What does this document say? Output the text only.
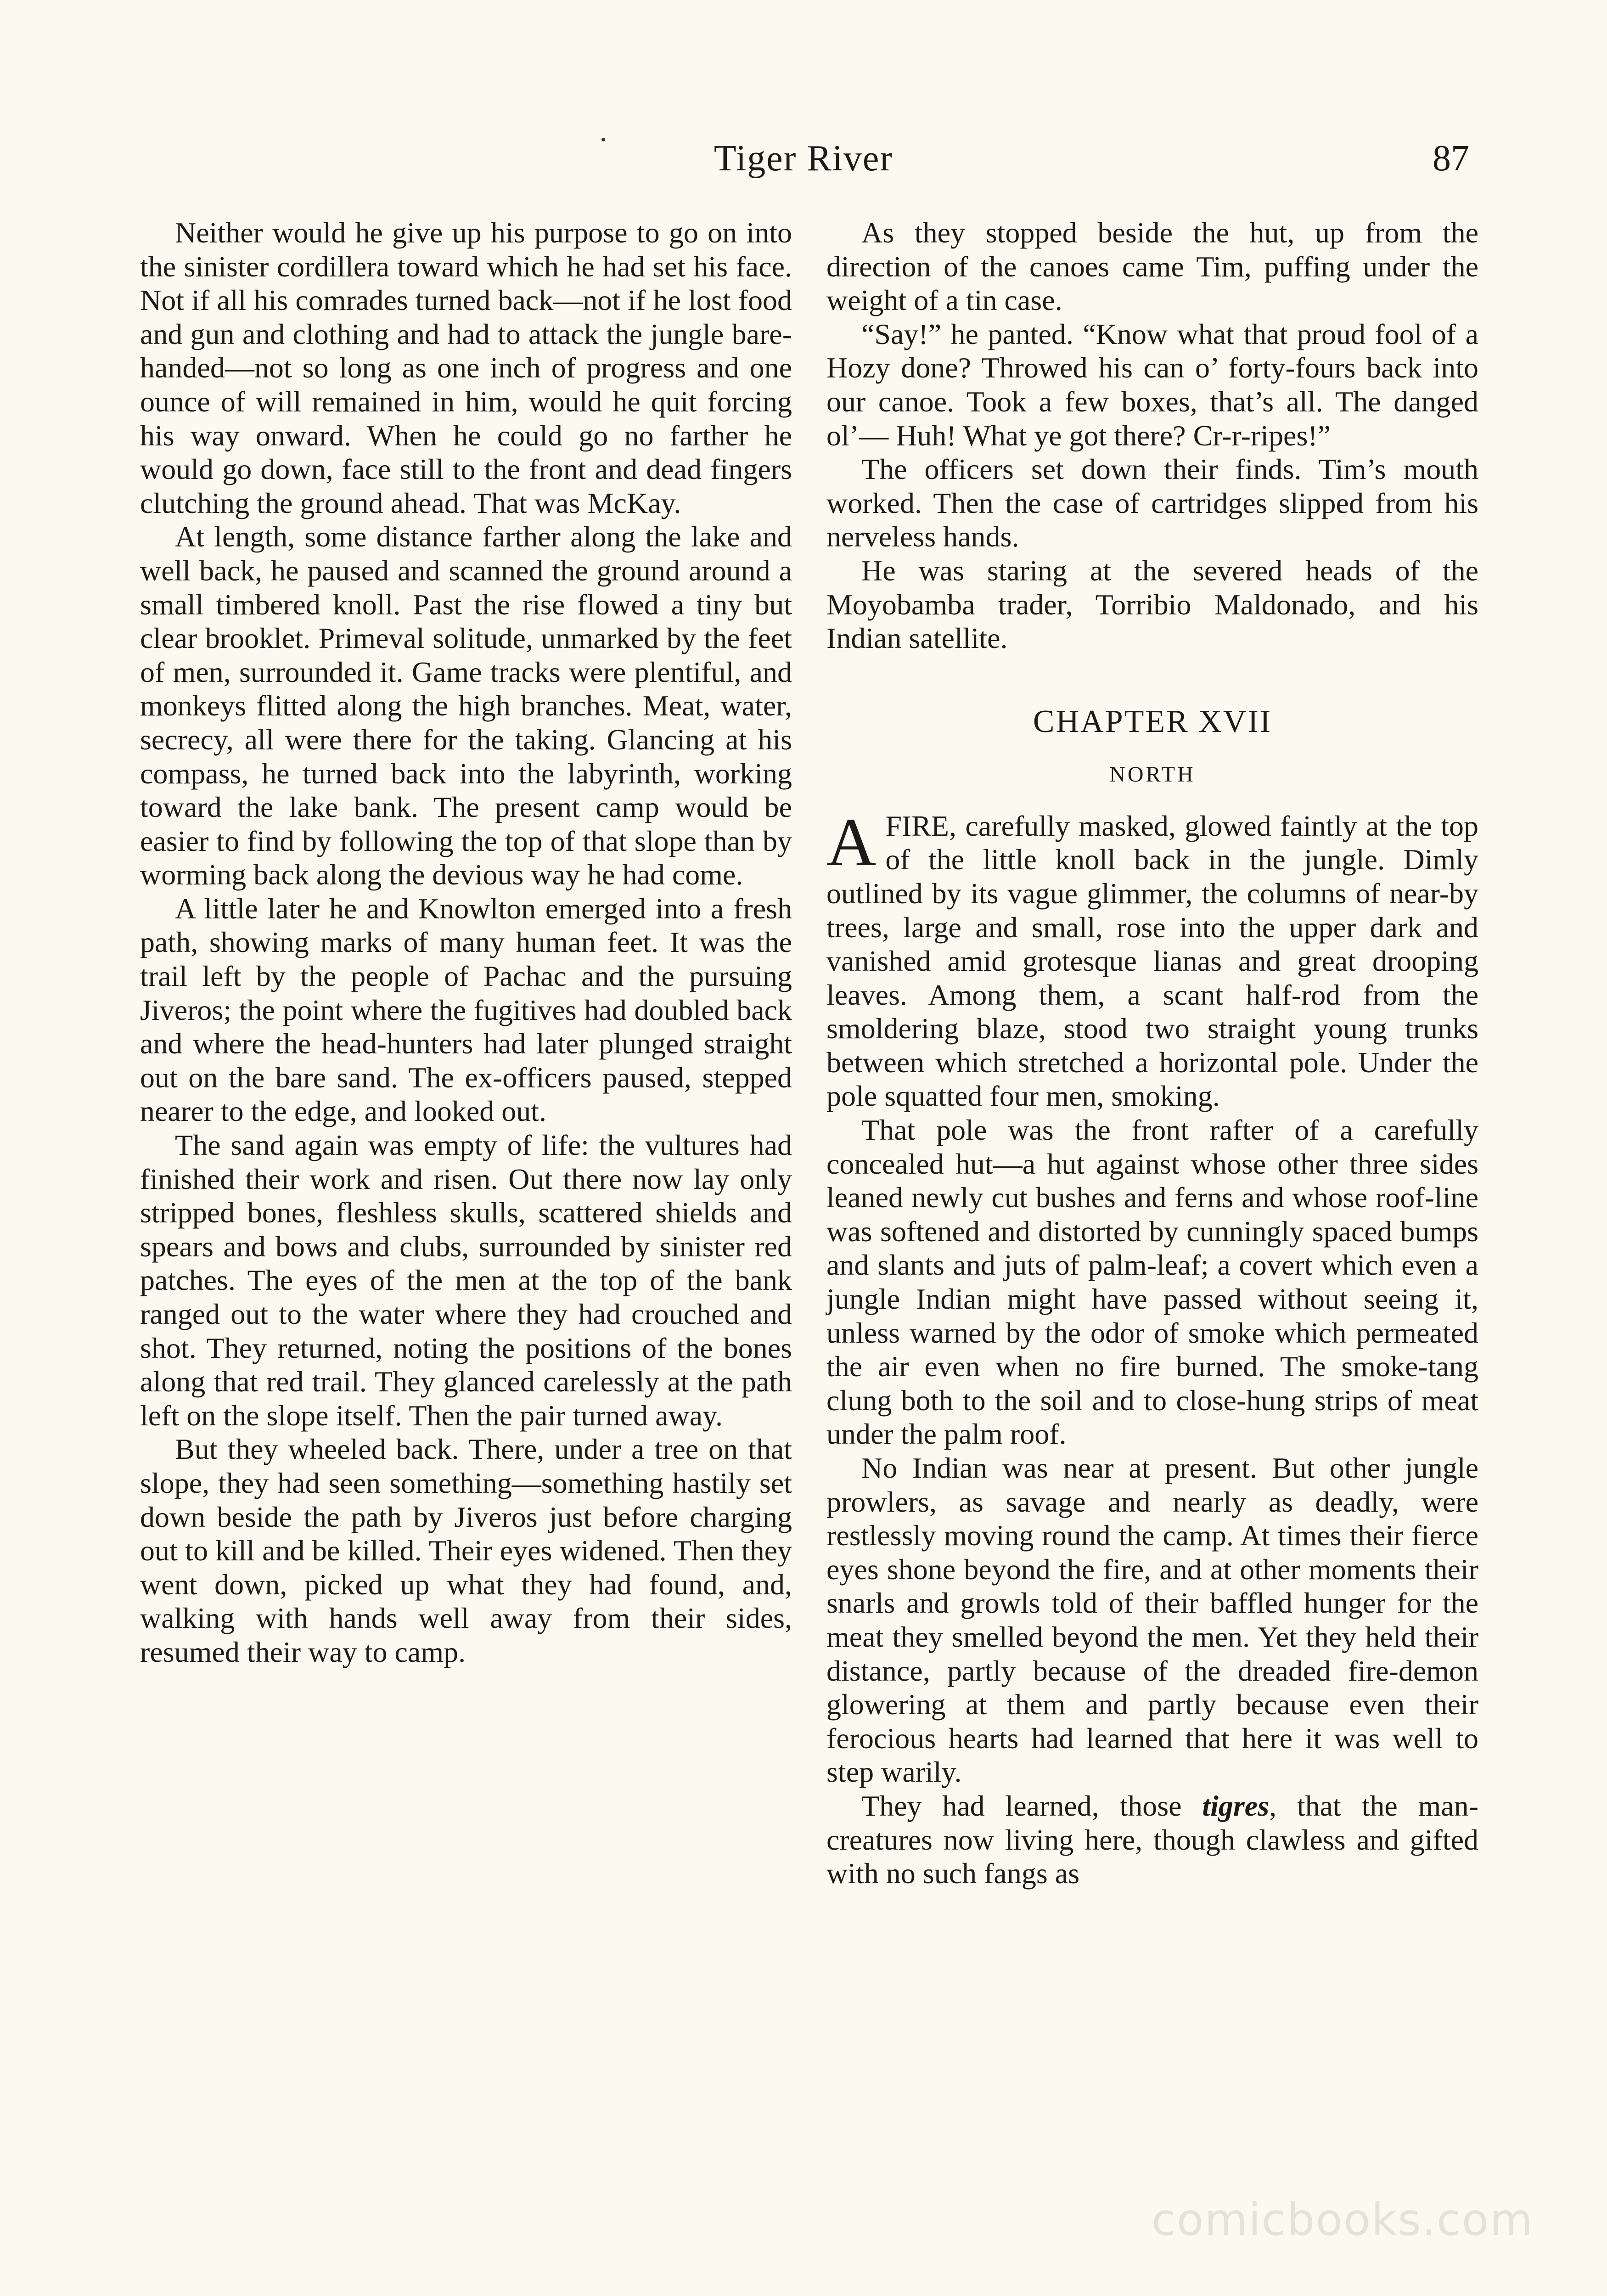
Tiger River	87

Neither would he give up his purpose to go on into the sinister cordillera toward which he had set his face. Not if all his comrades turned back—not if he lost food and gun and clothing and had to attack the jungle bare-handed—not so long as one inch of progress and one ounce of will remained in him, would he quit forcing his way onward. When he could go no farther he would go down, face still to the front and dead fingers clutching the ground ahead. That was McKay.

At length, some distance farther along the lake and well back, he paused and scanned the ground around a small timbered knoll. Past the rise flowed a tiny but clear brooklet. Primeval solitude, unmarked by the feet of men, surrounded it. Game tracks were plentiful, and monkeys flitted along the high branches. Meat, water, secrecy, all were there for the taking. Glancing at his compass, he turned back into the labyrinth, working toward the lake bank. The present camp would be easier to find by following the top of that slope than by worming back along the devious way he had come.

A little later he and Knowlton emerged into a fresh path, showing marks of many human feet. It was the trail left by the people of Pachac and the pursuing Jiveros; the point where the fugitives had doubled back and where the head-hunters had later plunged straight out on the bare sand. The ex-officers paused, stepped nearer to the edge, and looked out.

The sand again was empty of life: the vultures had finished their work and risen. Out there now lay only stripped bones, fleshless skulls, scattered shields and spears and bows and clubs, surrounded by sinister red patches. The eyes of the men at the top of the bank ranged out to the water where they had crouched and shot. They returned, noting the positions of the bones along that red trail. They glanced carelessly at the path left on the slope itself. Then the pair turned away.

But they wheeled back. There, under a tree on that slope, they had seen something—something hastily set down beside the path by Jiveros just before charging out to kill and be killed. Their eyes widened. Then they went down, picked up what they had found, and, walking with hands well away from their sides, resumed their way to camp.

As they stopped beside the hut, up from the direction of the canoes came Tim, puffing under the weight of a tin case.

“Say!” he panted. “Know what that proud fool of a Hozy done? Throwed his can o’ forty-fours back into our canoe. Took a few boxes, that’s all. The danged ol’— Huh! What ye got there? Cr-r-ripes!”

The officers set down their finds. Tim’s mouth worked. Then the case of cartridges slipped from his nerveless hands.

He was staring at the severed heads of the Moyobamba trader, Torribio Maldonado, and his Indian satellite.

CHAPTER XVII
NORTH

AFIRE, carefully masked, glowed faintly at the top of the little knoll back in the jungle. Dimly outlined by its vague glimmer, the columns of near-by trees, large and small, rose into the upper dark and vanished amid grotesque lianas and great drooping leaves. Among them, a scant half-rod from the smoldering blaze, stood two straight young trunks between which stretched a horizontal pole. Under the pole squatted four men, smoking.

That pole was the front rafter of a carefully concealed hut—a hut against whose other three sides leaned newly cut bushes and ferns and whose roof-line was softened and distorted by cunningly spaced bumps and slants and juts of palm-leaf; a covert which even a jungle Indian might have passed without seeing it, unless warned by the odor of smoke which permeated the air even when no fire burned. The smoke-tang clung both to the soil and to close-hung strips of meat under the palm roof.

No Indian was near at present. But other jungle prowlers, as savage and nearly as deadly, were restlessly moving round the camp. At times their fierce eyes shone beyond the fire, and at other moments their snarls and growls told of their baffled hunger for the meat they smelled beyond the men. Yet they held their distance, partly because of the dreaded fire-demon glowering at them and partly because even their ferocious hearts had learned that here it was well to step warily.

They had learned, those tigres, that the man-creatures now living here, though clawless and gifted with no such fangs as

comicbooks.com
